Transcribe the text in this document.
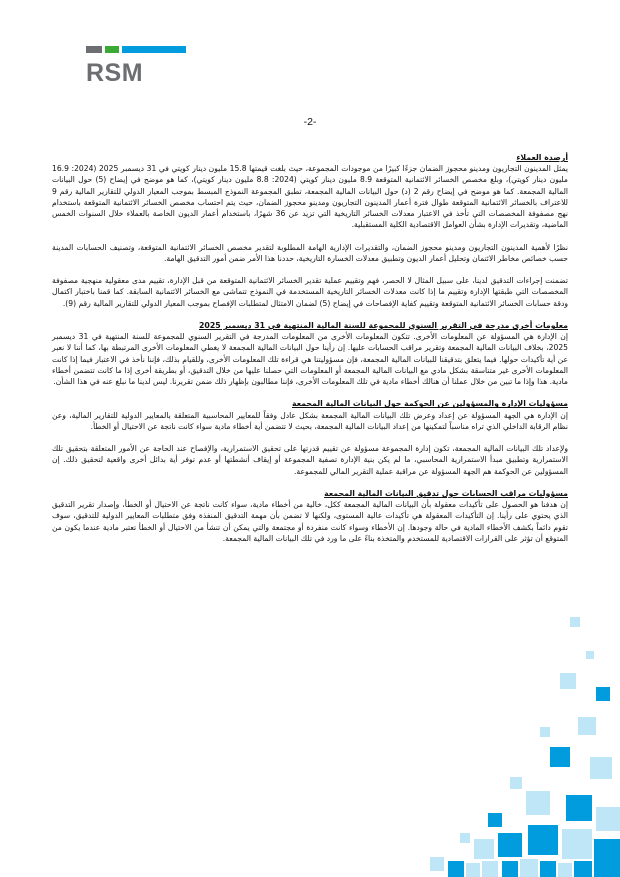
RSM
-2-
أرصدة العملاء

يمثل المدينون التجاريون ومدينو محجوز الضمان جزءًا كبيرًا من موجودات المجموعة، حيث بلغت قيمتها 15.8 مليون دينار كويتي في 31 ديسمبر 2025 (2024: 16.9 مليون دينار كويتي)، وبلغ مخصص الخسائر الائتمانية المتوقعة 8.9 مليون دينار كويتي (2024: 8.8 مليون دينار كويتي)، كما هو موضح في إيضاح (5) حول البيانات المالية المجمعة. كما هو موضح في إيضاح رقم 2 (د) حول البيانات المالية المجمعة، تطبق المجموعة النموذج المبسط بموجب المعيار الدولي للتقارير المالية رقم 9 للاعتراف بالخسائر الائتمانية المتوقعة طوال فترة أعمار المدينون التجاريون ومدينو محجوز الضمان، حيث يتم احتساب مخصص الخسائر الائتمانية المتوقعة باستخدام نهج مصفوفة المخصصات التي تأخذ في الاعتبار معدلات الخسائر التاريخية التي تزيد عن 36 شهرًا، باستخدام أعمار الديون الخاصة بالعملاء خلال السنوات الخمس الماضية، وتقديرات الإدارة بشأن العوامل الاقتصادية الكلية المستقبلية.

نظرًا لأهمية المدينون التجاريون ومدينو محجوز الضمان، والتقديرات الإدارية الهامة المطلوبة لتقدير مخصص الخسائر الائتمانية المتوقعة، وتصنيف الحسابات المدينة حسب خصائص مخاطر الائتمان وتحليل أعمار الديون وتطبيق معدلات الخسارة التاريخية، حددنا هذا الأمر ضمن أمور التدقيق الهامة.

تضمنت إجراءات التدقيق لدينا، على سبيل المثال لا الحصر، فهم وتقييم عملية تقدير الخسائر الائتمانية المتوقعة من قبل الإدارة، تقييم مدى معقولية منهجية مصفوفة المخصصات التي طبقتها الإدارة وتقييم ما إذا كانت معدلات الخسائر التاريخية المستخدمة في النموذج تتماشى مع الخسائر الائتمانية السابقة. كما قمنا باختبار اكتمال ودقة حسابات الخسائر الائتمانية المتوقعة وتقييم كفاية الإفصاحات في إيضاح (5) لضمان الامتثال لمتطلبات الإفصاح بموجب المعيار الدولي للتقارير المالية رقم (9).

معلومات أخرى مدرجة في التقرير السنوي للمجموعة للسنة المالية المنتهية في 31 ديسمبر 2025

إن الإدارة هي المسؤولة عن المعلومات الأخرى. تتكون المعلومات الأخرى من المعلومات المدرجة في التقرير السنوي للمجموعة للسنة المنتهية في 31 ديسمبر 2025، بخلاف البيانات المالية المجمعة وتقرير مراقب الحسابات عليها. إن رأينا حول البيانات المالية المجمعة لا يغطي المعلومات الأخرى المرتبطة بها، كما أننا لا نعبر عن أية تأكيدات حولها. فيما يتعلق بتدقيقنا للبيانات المالية المجمعة، فإن مسؤوليتنا هي قراءة تلك المعلومات الأخرى، وللقيام بذلك، فإننا نأخذ في الاعتبار فيما إذا كانت المعلومات الأخرى غير متناسقة بشكل مادي مع البيانات المالية المجمعة أو المعلومات التي حصلنا عليها من خلال التدقيق، أو بطريقة أخرى إذا ما كانت تتضمن أخطاء مادية. هذا وإذا ما تبين من خلال عملنا أن هنالك أخطاء مادية في تلك المعلومات الأخرى، فإننا مطالبون بإظهار ذلك ضمن تقريرنا. ليس لدينا ما نبلغ عنه في هذا الشأن.

مسؤوليات الإدارة والمسؤولين عن الحوكمة حول البيانات المالية المجمعة

إن الإدارة هي الجهة المسؤولة عن إعداد وعرض تلك البيانات المالية المجمعة بشكل عادل وفقاً للمعايير المحاسبية المتعلقة بالمعايير الدولية للتقارير المالية، وعن نظام الرقابة الداخلي الذي تراه مناسباً لتمكينها من إعداد البيانات المالية المجمعة، بحيث لا تتضمن أية أخطاء مادية سواء كانت ناتجة عن الاحتيال أو الخطأ.

ولإعداد تلك البيانات المالية المجمعة، تكون إدارة المجموعة مسؤولة عن تقييم قدرتها على تحقيق الاستمرارية، والإفصاح عند الحاجة عن الأمور المتعلقة بتحقيق تلك الاستمرارية وتطبيق مبدأ الاستمرارية المحاسبي، ما لم يكن بنية الإدارة تصفية المجموعة أو إيقاف أنشطتها أو عدم توفر أية بدائل أخرى واقعية لتحقيق ذلك. إن المسؤولين عن الحوكمة هم الجهة المسؤولة عن مراقبة عملية التقرير المالي للمجموعة.

مسؤوليات مراقب الحسابات حول تدقيق البيانات المالية المجمعة

إن هدفنا هو الحصول على تأكيدات معقولة بأن البيانات المالية المجمعة ككل، خالية من أخطاء مادية، سواء كانت ناتجة عن الاحتيال أو الخطأ، وإصدار تقرير التدقيق الذي يحتوي على رأينا. إن التأكيدات المعقولة هي تأكيدات عالية المستوى، ولكنها لا تضمن بأن مهمة التدقيق المنفذة وفق متطلبات المعايير الدولية للتدقيق، سوف تقوم دائماً بكشف الأخطاء المادية في حالة وجودها. إن الأخطاء وسواء كانت منفردة أو مجتمعة والتي يمكن أن تنشأ من الاحتيال أو الخطأ تعتبر مادية عندما يكون من المتوقع أن تؤثر على القرارات الاقتصادية للمستخدم والمتخذة بناءً على ما ورد في تلك البيانات المالية المجمعة.
